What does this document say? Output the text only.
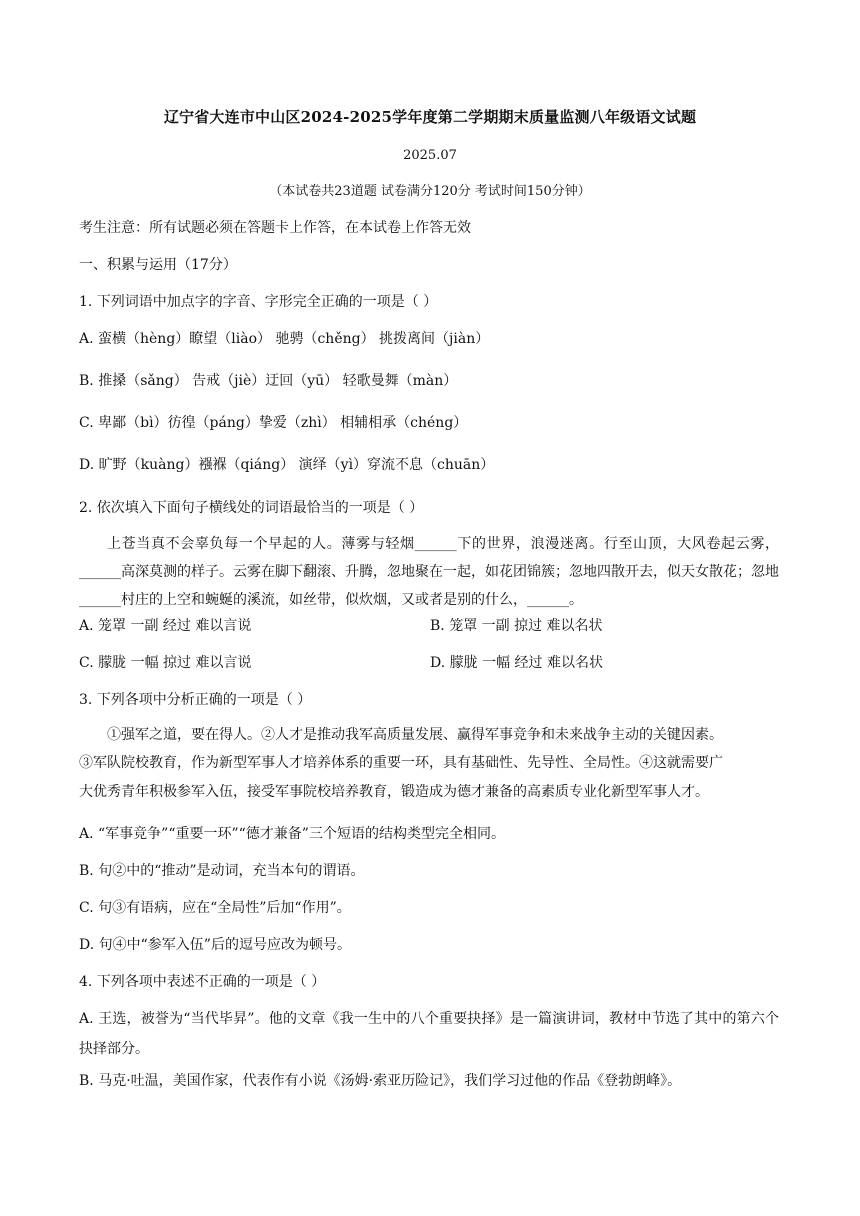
辽宁省大连市中山区2024-2025学年度第二学期期末质量监测八年级语文试题
2025.07
（本试卷共23道题 试卷满分120分 考试时间150分钟）
考生注意：所有试题必须在答题卡上作答，在本试卷上作答无效
一、积累与运用（17分）
1. 下列词语中加点字的字音、字形完全正确的一项是（ ）
A. 蛮横（hèng）瞭望（liào） 驰骋（chěng） 挑拨离间（jiàn）
B. 推搡（sǎng） 告戒（jiè）迂回（yū） 轻歌曼舞（màn）
C. 卑鄙（bì）彷徨（páng）挚爱（zhì） 相辅相承（chéng）
D. 旷野（kuàng）襁褓（qiáng） 演绎（yì）穿流不息（chuān）
2. 依次填入下面句子横线处的词语最恰当的一项是（ ）
上苍当真不会辜负每一个早起的人。薄雾与轻烟______下的世界，浪漫迷离。行至山顶，大风卷起云雾，______高深莫测的样子。云雾在脚下翻滚、升腾，忽地聚在一起，如花团锦簇；忽地四散开去，似天女散花；忽地______村庄的上空和蜿蜒的溪流，如丝带，似炊烟，又或者是别的什么，______。
A. 笼罩 一副 经过 难以言说	B. 笼罩 一副 掠过 难以名状
C. 朦胧 一幅 掠过 难以言说	D. 朦胧 一幅 经过 难以名状
3. 下列各项中分析正确的一项是（ ）
①强军之道，要在得人。②人才是推动我军高质量发展、赢得军事竞争和未来战争主动的关键因素。
③军队院校教育，作为新型军事人才培养体系的重要一环，具有基础性、先导性、全局性。④这就需要广
大优秀青年积极参军入伍，接受军事院校培养教育，锻造成为德才兼备的高素质专业化新型军事人才。
A. “军事竞争”“重要一环”“德才兼备”三个短语的结构类型完全相同。
B. 句②中的“推动”是动词，充当本句的谓语。
C. 句③有语病，应在“全局性”后加“作用”。
D. 句④中“参军入伍”后的逗号应改为顿号。
4. 下列各项中表述不正确的一项是（ ）
A. 王选，被誉为“当代毕昇”。他的文章《我一生中的八个重要抉择》是一篇演讲词，教材中节选了其中的第六个抉择部分。
B. 马克·吐温，美国作家，代表作有小说《汤姆·索亚历险记》，我们学习过他的作品《登勃朗峰》。
